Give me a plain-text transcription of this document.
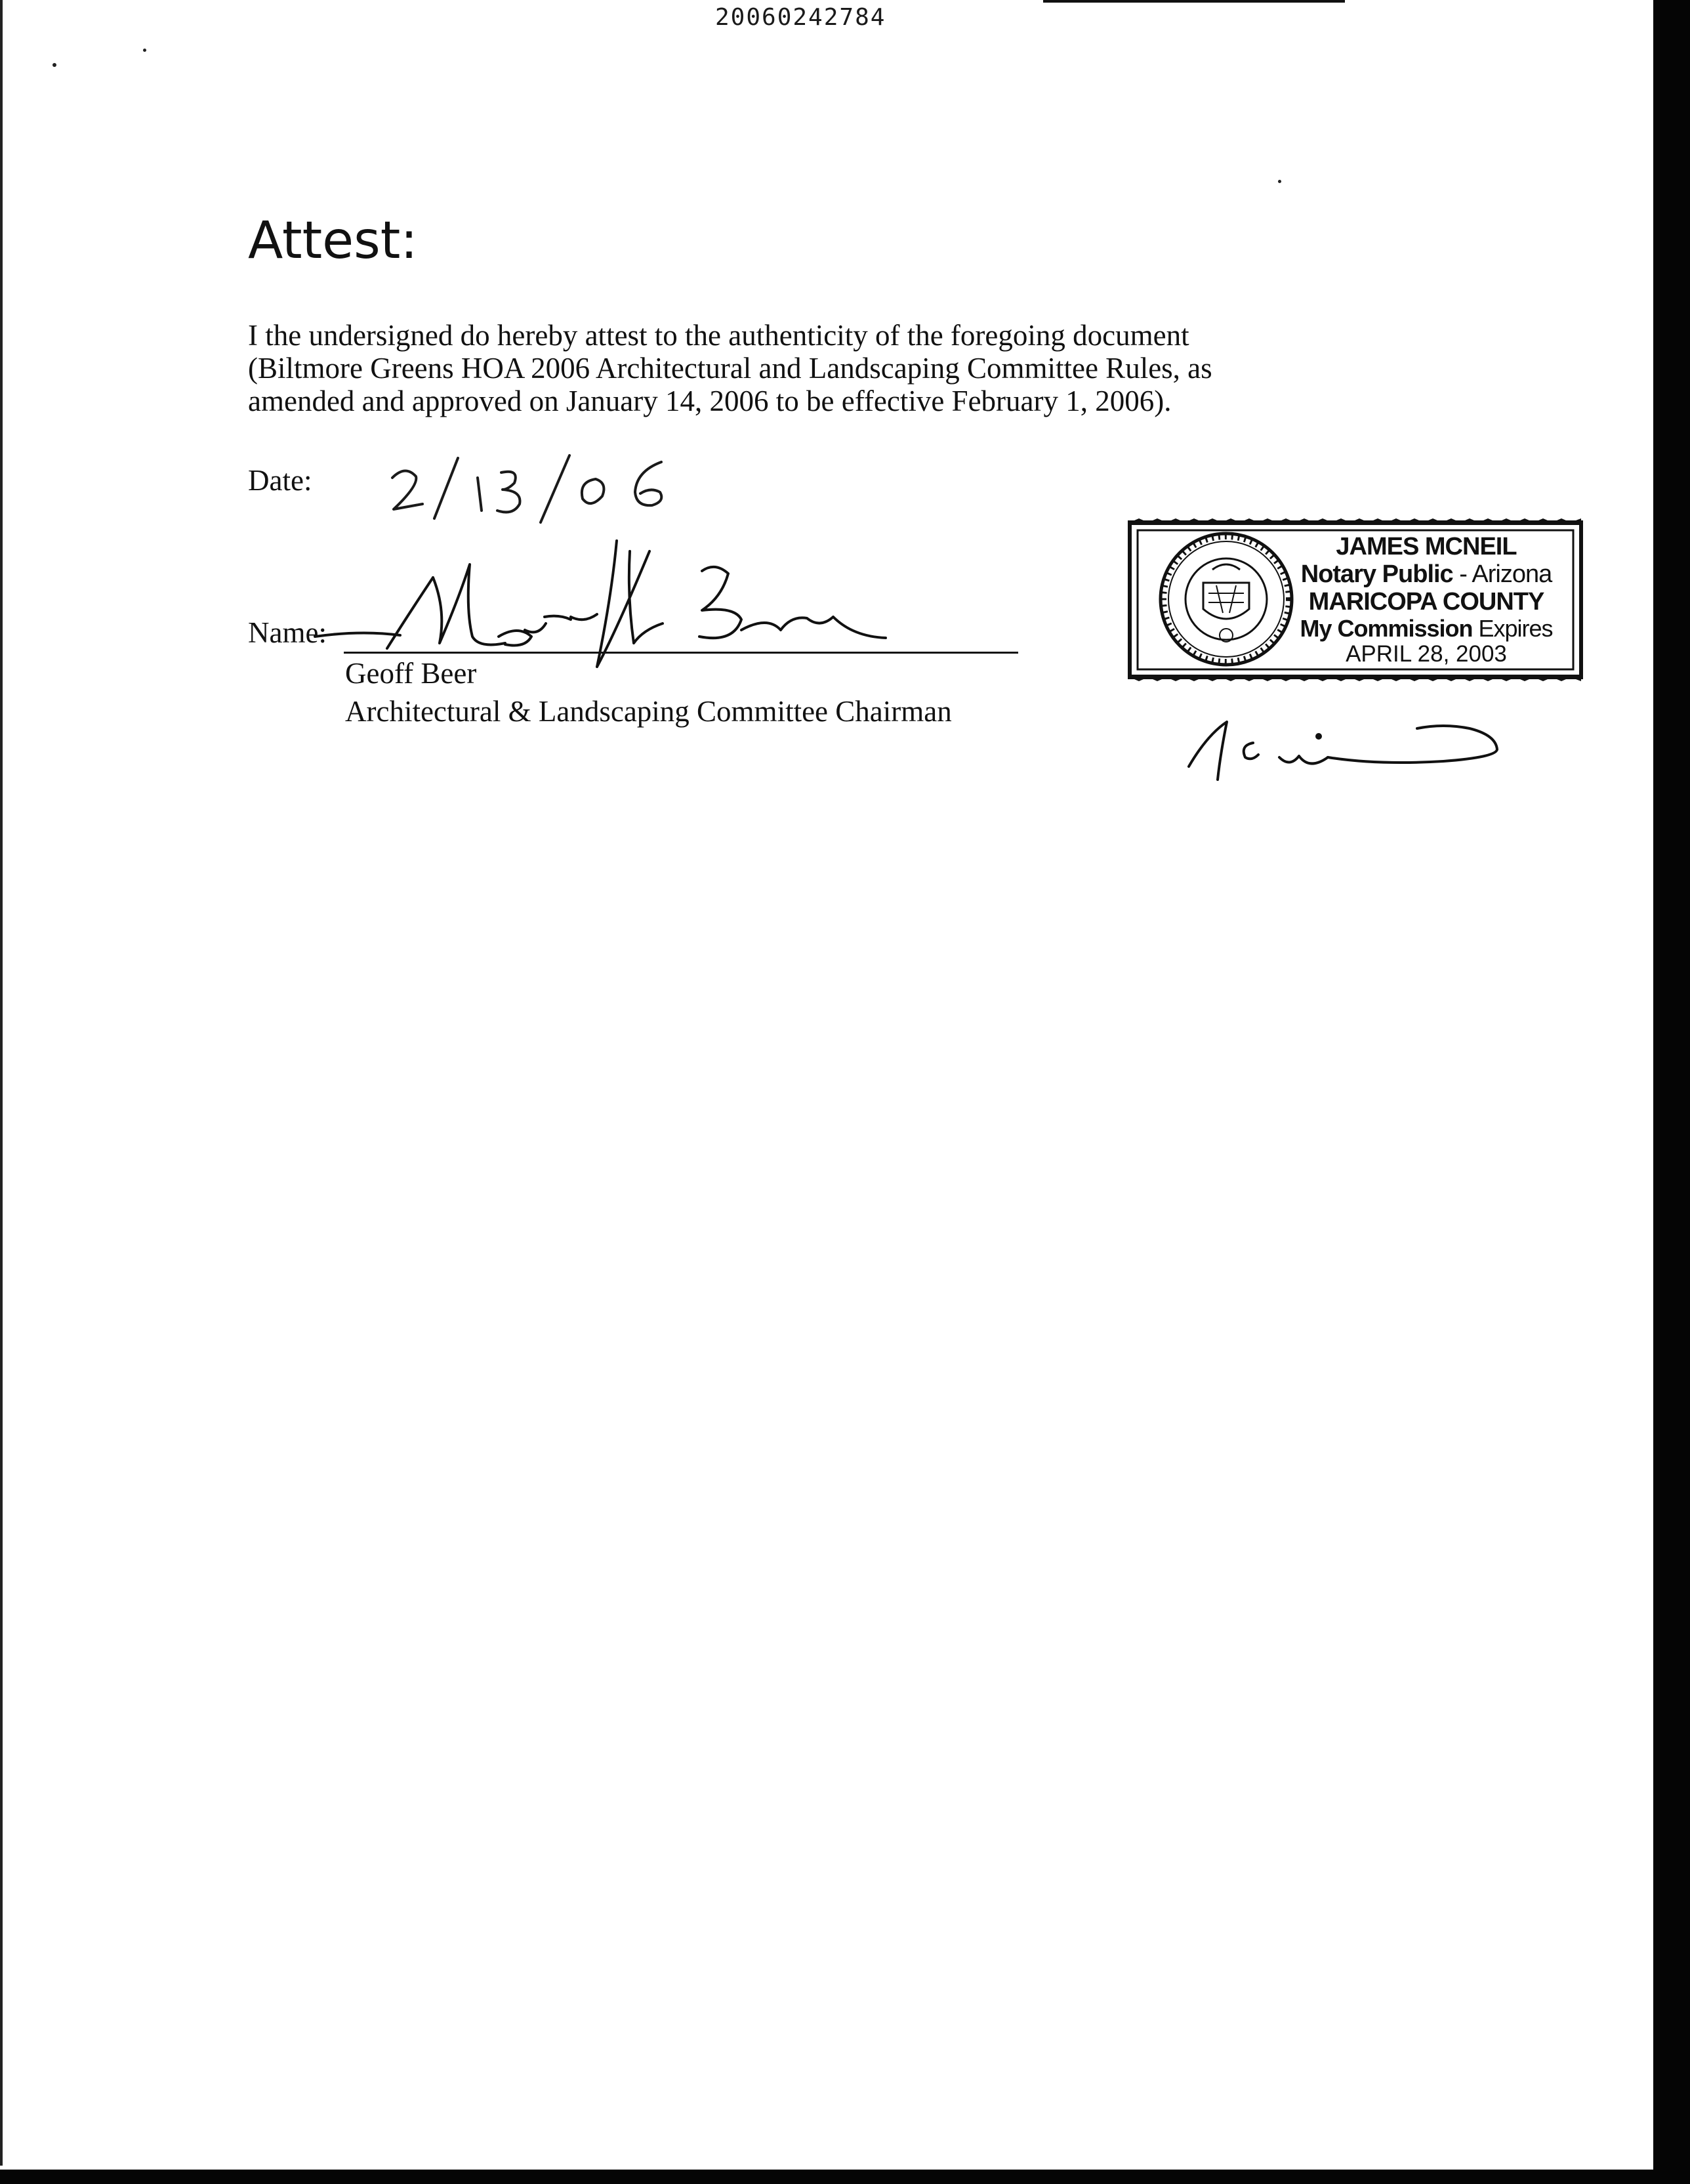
20060242784
Attest:
I the undersigned do hereby attest to the authenticity of the foregoing document
(Biltmore Greens HOA 2006 Architectural and Landscaping Committee Rules, as
amended and approved on January 14, 2006 to be effective February 1, 2006).
Date:
Name:
Geoff Beer
Architectural & Landscaping Committee Chairman
JAMES MCNEIL
Notary Public - Arizona
MARICOPA COUNTY
My Commission Expires
APRIL 28, 2003
